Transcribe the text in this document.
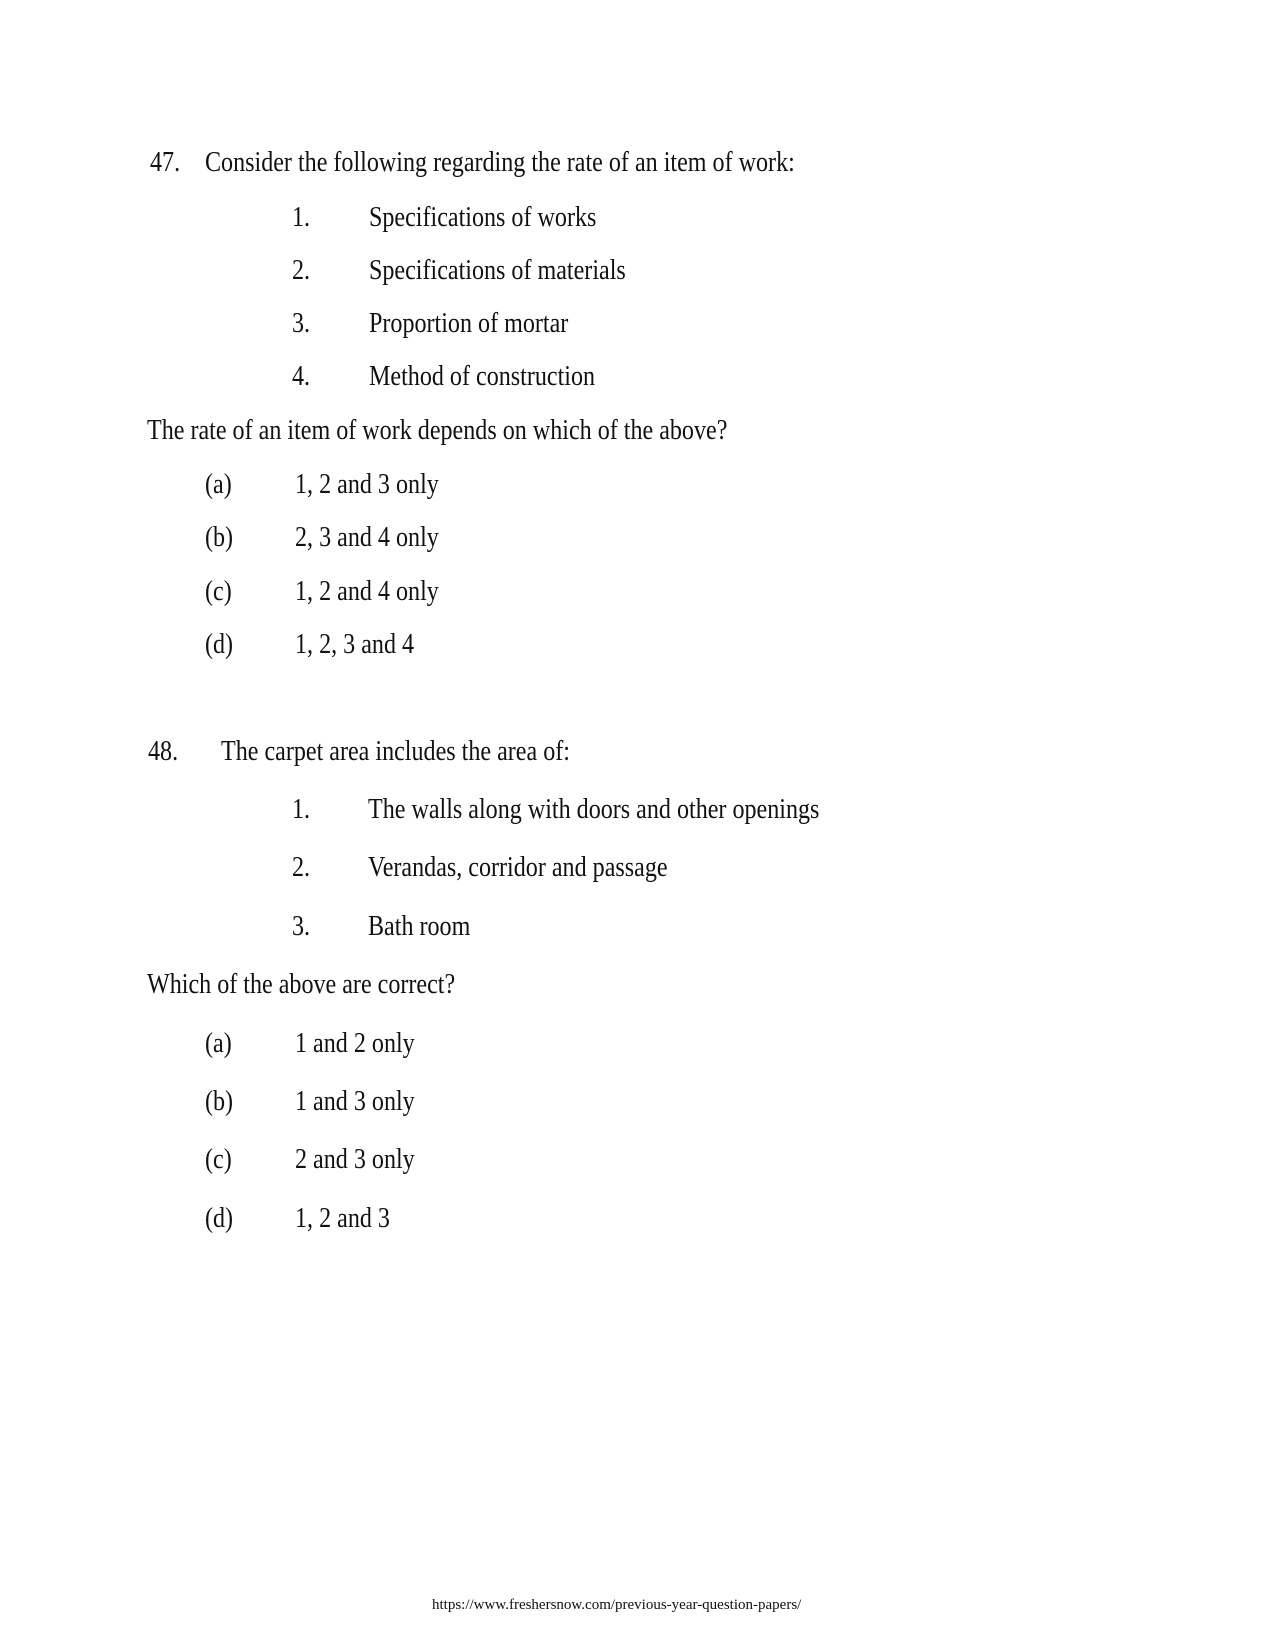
47. Consider the following regarding the rate of an item of work:
1. Specifications of works
2. Specifications of materials
3. Proportion of mortar
4. Method of construction
The rate of an item of work depends on which of the above?
(a) 1, 2 and 3 only
(b) 2, 3 and 4 only
(c) 1, 2 and 4 only
(d) 1, 2, 3 and 4
48. The carpet area includes the area of:
1. The walls along with doors and other openings
2. Verandas, corridor and passage
3. Bath room
Which of the above are correct?
(a) 1 and 2 only
(b) 1 and 3 only
(c) 2 and 3 only
(d) 1, 2 and 3
https://www.freshersnow.com/previous-year-question-papers/
